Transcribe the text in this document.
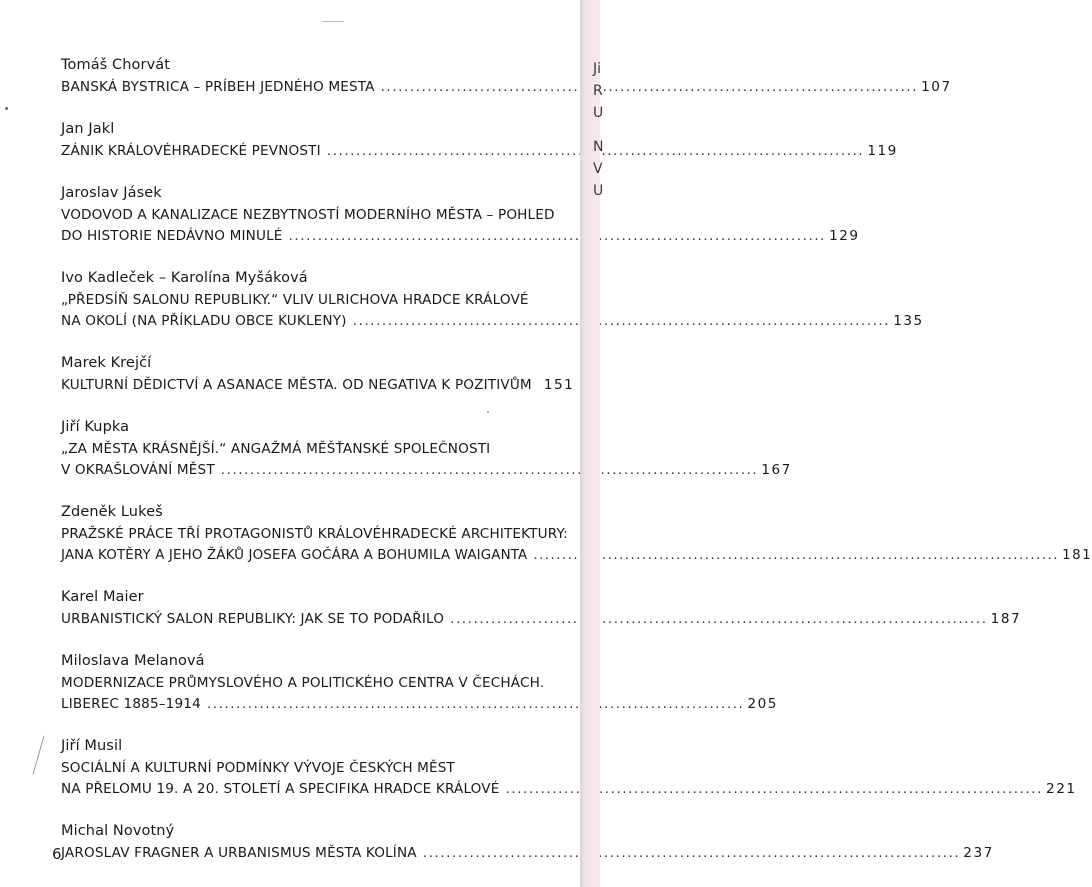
Tomáš Chorvát
BANSKÁ BYSTRICA – PRÍBEH JEDNÉHO MESTA . . .	107
Jan Jakl
ZÁNIK KRÁLOVÉHRADECKÉ PEVNOSTI . . .	119
Jaroslav Jásek
VODOVOD A KANALIZACE NEZBYTNOSTÍ MODERNÍHO MĚSTA – POHLED
DO HISTORIE NEDÁVNO MINULÉ . . .	129
Ivo Kadleček – Karolína Myšáková
„PŘEDSÍŇ SALONU REPUBLIKY.“ VLIV ULRICHOVA HRADCE KRÁLOVÉ
NA OKOLÍ (NA PŘÍKLADU OBCE KUKLENY) . . .	135
Marek Krejčí
KULTURNÍ DĚDICTVÍ A ASANACE MĚSTA. OD NEGATIVA K POZITIVŮM 151
Jiří Kupka
„ZA MĚSTA KRÁSNĚJŠÍ.“ ANGAŽMÁ MĚŠŤANSKÉ SPOLEČNOSTI
V OKRAŠLOVÁNÍ MĚST . . .	167
Zdeněk Lukeš
PRAŽSKÉ PRÁCE TŘÍ PROTAGONISTŮ KRÁLOVÉHRADECKÉ ARCHITEKTURY:
JANA KOTĚRY A JEHO ŽÁKŮ JOSEFA GOČÁRA A BOHUMILA WAIGANTA . . .	181
Karel Maier
URBANISTICKÝ SALON REPUBLIKY: JAK SE TO PODAŘILO . . .	187
Miloslava Melanová
MODERNIZACE PRŮMYSLOVÉHO A POLITICKÉHO CENTRA V ČECHÁCH.
LIBEREC 1885–1914 . . .	205
Jiří Musil
SOCIÁLNÍ A KULTURNÍ PODMÍNKY VÝVOJE ČESKÝCH MĚST
NA PŘELOMU 19. A 20. STOLETÍ A SPECIFIKA HRADCE KRÁLOVÉ . . .	221
Michal Novotný
JAROSLAV FRAGNER A URBANISMUS MĚSTA KOLÍNA . . .	237
6
Ji
R
U
N
V
U
